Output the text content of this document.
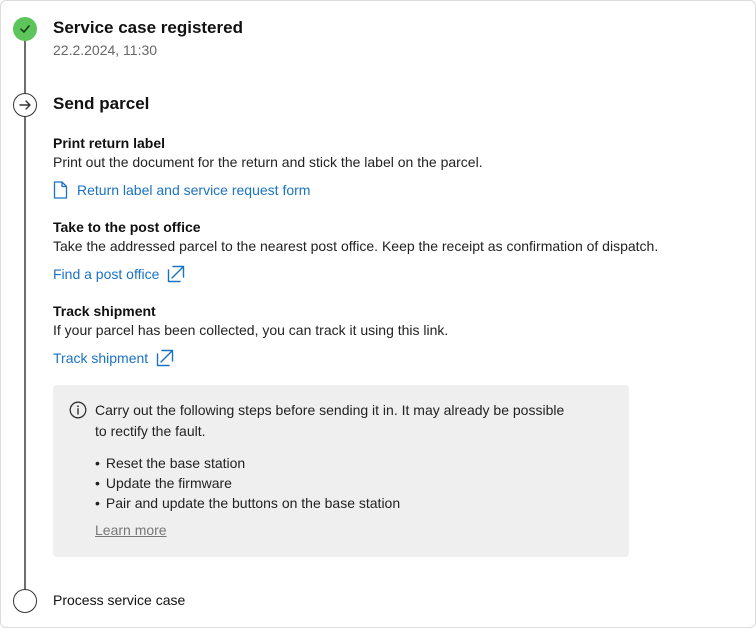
Service case registered

22.2.2024, 11:30

Send parcel
Print return label

Print out the document for the return and stick the label on the parcel.

Return label and service request form
Take to the post office

Take the addressed parcel to the nearest post office. Keep the receipt as confirmation of dispatch.

Find a post office
Track shipment

If your parcel has been collected, you can track it using this link.

Track shipment

Carry out the following steps before sending it in. It may already be possible to rectify the fault.

• Reset the base station
• Update the firmware
• Pair and update the buttons on the base station
Learn more

Process service case
